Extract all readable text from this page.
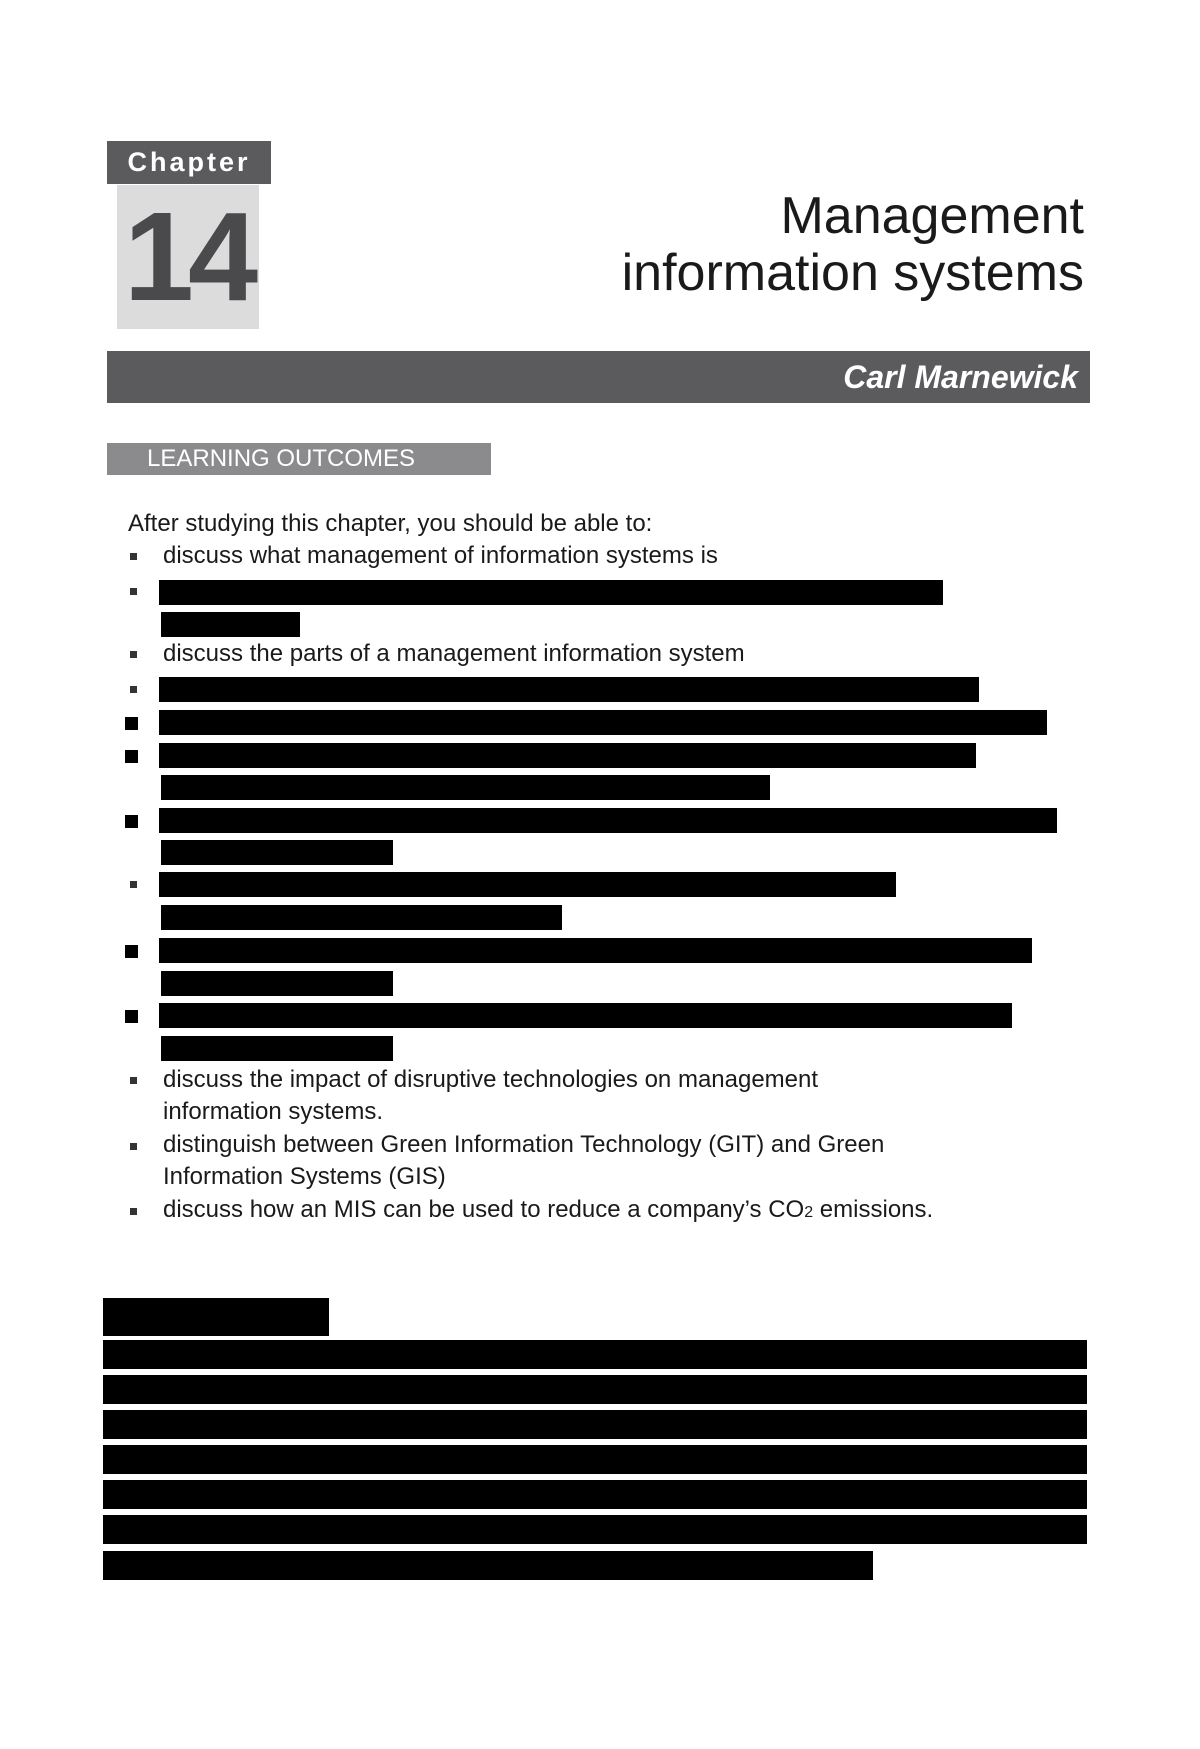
Chapter
14	Management
information systems
Carl Marnewick
LEARNING OUTCOMES
After studying this chapter, you should be able to:
discuss what management of information systems is
discuss the parts of a management information system
discuss the impact of disruptive technologies on management
information systems.
distinguish between Green Information Technology (GIT) and Green
Information Systems (GIS)
discuss how an MIS can be used to reduce a company’s CO2 emissions.
